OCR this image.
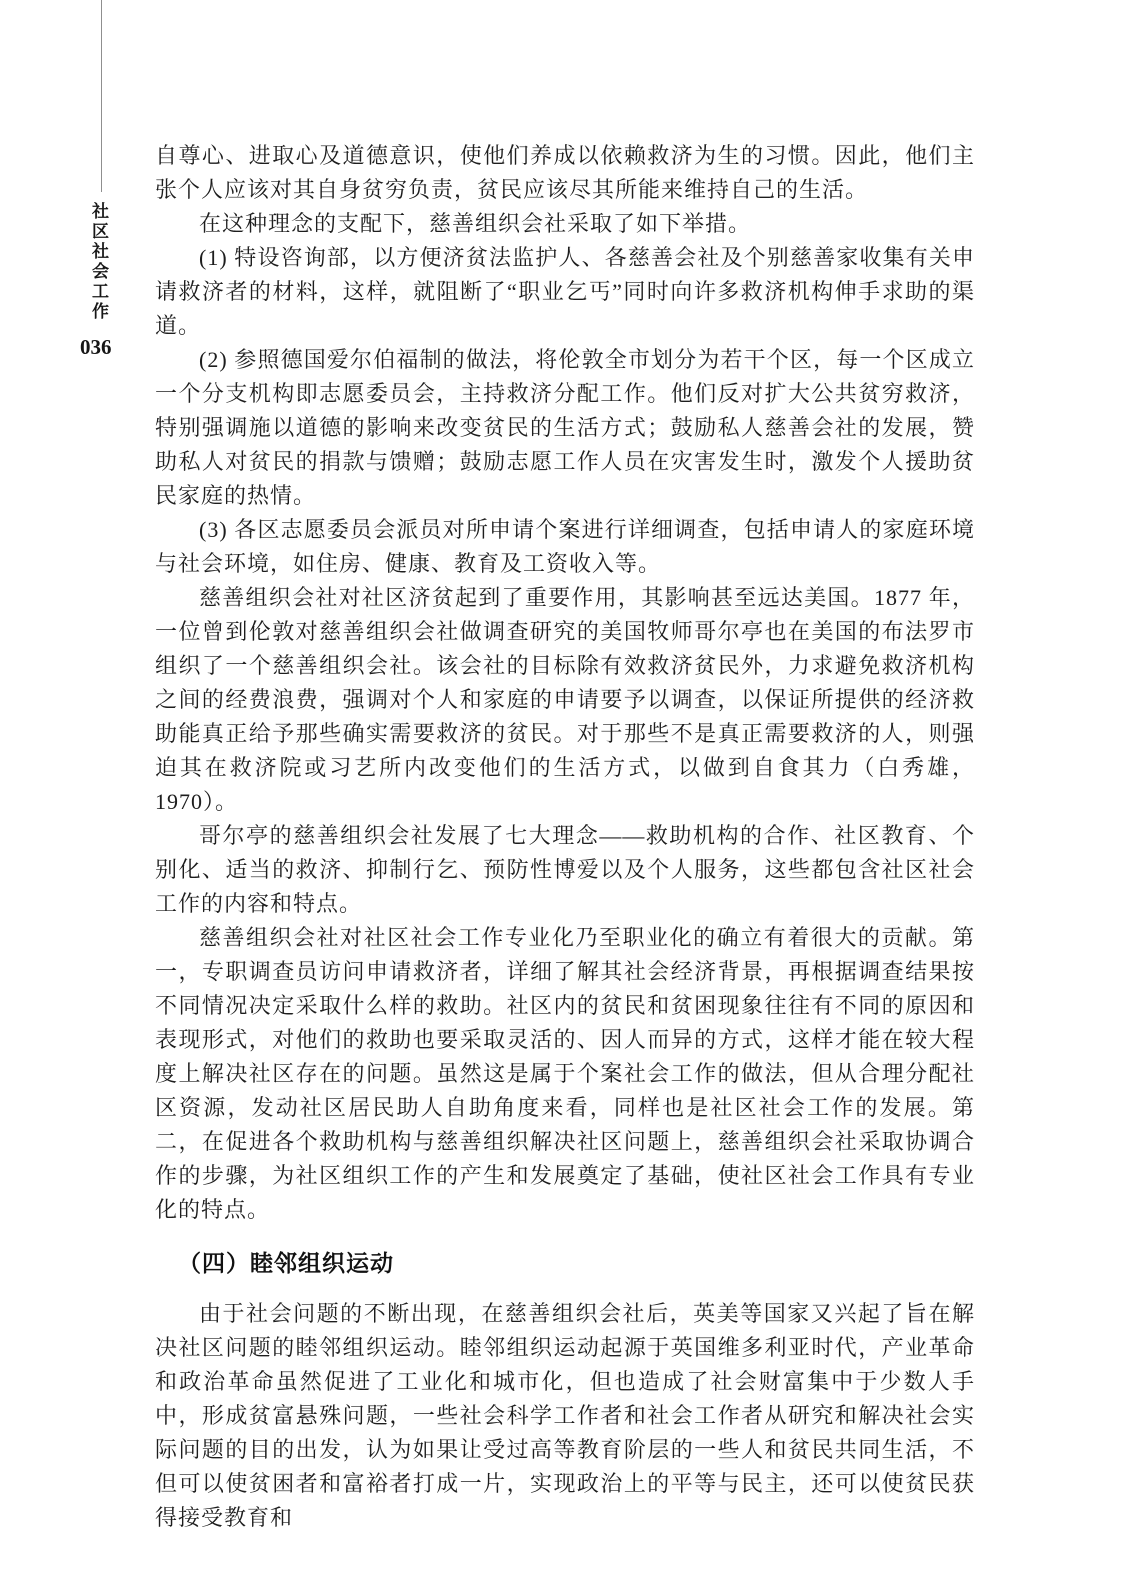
社区社会工作
036

自尊心、进取心及道德意识，使他们养成以依赖救济为生的习惯。因此，他们主张个人应该对其自身贫穷负责，贫民应该尽其所能来维持自己的生活。

在这种理念的支配下，慈善组织会社采取了如下举措。

(1) 特设咨询部，以方便济贫法监护人、各慈善会社及个别慈善家收集有关申请救济者的材料，这样，就阻断了“职业乞丐”同时向许多救济机构伸手求助的渠道。

(2) 参照德国爱尔伯福制的做法，将伦敦全市划分为若干个区，每一个区成立一个分支机构即志愿委员会，主持救济分配工作。他们反对扩大公共贫穷救济，特别强调施以道德的影响来改变贫民的生活方式；鼓励私人慈善会社的发展，赞助私人对贫民的捐款与馈赠；鼓励志愿工作人员在灾害发生时，激发个人援助贫民家庭的热情。

(3) 各区志愿委员会派员对所申请个案进行详细调查，包括申请人的家庭环境与社会环境，如住房、健康、教育及工资收入等。

慈善组织会社对社区济贫起到了重要作用，其影响甚至远达美国。1877 年，一位曾到伦敦对慈善组织会社做调查研究的美国牧师哥尔亭也在美国的布法罗市组织了一个慈善组织会社。该会社的目标除有效救济贫民外，力求避免救济机构之间的经费浪费，强调对个人和家庭的申请要予以调查，以保证所提供的经济救助能真正给予那些确实需要救济的贫民。对于那些不是真正需要救济的人，则强迫其在救济院或习艺所内改变他们的生活方式，以做到自食其力（白秀雄，1970）。

哥尔亭的慈善组织会社发展了七大理念——救助机构的合作、社区教育、个别化、适当的救济、抑制行乞、预防性博爱以及个人服务，这些都包含社区社会工作的内容和特点。

慈善组织会社对社区社会工作专业化乃至职业化的确立有着很大的贡献。第一，专职调查员访问申请救济者，详细了解其社会经济背景，再根据调查结果按不同情况决定采取什么样的救助。社区内的贫民和贫困现象往往有不同的原因和表现形式，对他们的救助也要采取灵活的、因人而异的方式，这样才能在较大程度上解决社区存在的问题。虽然这是属于个案社会工作的做法，但从合理分配社区资源，发动社区居民助人自助角度来看，同样也是社区社会工作的发展。第二，在促进各个救助机构与慈善组织解决社区问题上，慈善组织会社采取协调合作的步骤，为社区组织工作的产生和发展奠定了基础，使社区社会工作具有专业化的特点。

（四）睦邻组织运动

由于社会问题的不断出现，在慈善组织会社后，英美等国家又兴起了旨在解决社区问题的睦邻组织运动。睦邻组织运动起源于英国维多利亚时代，产业革命和政治革命虽然促进了工业化和城市化，但也造成了社会财富集中于少数人手中，形成贫富悬殊问题，一些社会科学工作者和社会工作者从研究和解决社会实际问题的目的出发，认为如果让受过高等教育阶层的一些人和贫民共同生活，不但可以使贫困者和富裕者打成一片，实现政治上的平等与民主，还可以使贫民获得接受教育和
